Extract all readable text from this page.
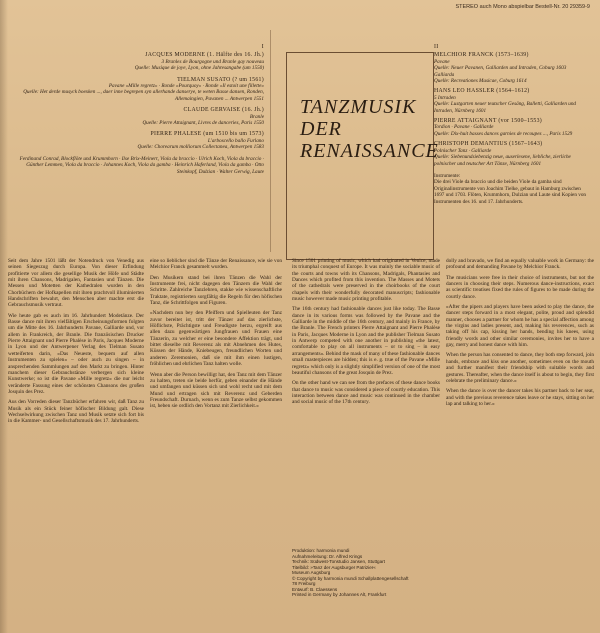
STEREO auch Mono abspielbar Bestell-Nr. 20 29359-9
I
JACQUES MODERNE (1. Hälfte des 16. Jh.)
3 Branles de Bourgogne und Branle gay nouveau
Quelle: Musique de joye, Lyon, ohne Jahresangabe (um 1550)
TIELMAN SUSATO (? um 1561)
Pavane «Mille regretz» · Ronde «Pourquoy» · Ronde «Il estoit une fillette»
Quelle: Het derde musyck boexken ..., daer inne begrepen syn allerhande danserye, te weten Basse dansen, Ronden, Allemaingien, Pavanen ... Antwerpen 1551
CLAUDE GERVAISE (16. Jh.)
Branle
Quelle: Pierre Attaignant, Livres de danceries, Paris 1550
PIERRE PHALESE (um 1510 bis um 1573)
L'arboscello ballo Furlano
Quelle: Chorearum molliorum Collectanea, Antwerpen 1583
Ferdinand Conrad, Blockflöte und Krummhorn · Ilse Brix-Meinert, Viola da braccio · Ulrich Koch, Viola da braccio · Günther Lemmen, Viola da braccio · Johannes Koch, Viola da gamba · Heinrich Haferland, Viola da gamba · Otto Steinkopf, Dulzian · Walter Gerwig, Laute
TANZMUSIK
DER
RENAISSANCE
II
MELCHIOR FRANCK (1573–1639)
Pavane
Quelle: Neuer Pavanen, Galliarden und Intraden, Coburg 1603
Galliarda
Quelle: Recreationes Musicae, Coburg 1614
HANS LEO HASSLER (1564–1612)
5 Intraden
Quelle: Lustgarten neuer teutscher Gesäng, Balletti, Galliarden und Intraden, Nürnberg 1601
PIERRE ATTAIGNANT (vor 1500–1553)
Tordion · Pavane · Galliarde
Quelle: Dix-huit basses dances garnies de recoupes ..., Paris 1529
CHRISTOPH DEMANTIUS (1567–1643)
Polnischer Tanz · Galliarde
Quelle: Siebenundsiebenzig neue, auserlesene, liebliche, zierliche polnischer und teutscher Art Tänze, Nürnberg 1601
Instrumente:
Die drei Viole da braccio und die beiden Viole da gamba sind Originalinstrumente von Joachim Tielke, gebaut in Hamburg zwischen 1697 und 1703. Flöten, Krummhorn, Dulzian und Laute sind Kopien von Instrumenten des 16. und 17. Jahrhunderts.

Seit dem Jahre 1501 läßt der Notendruck von Venedig aus seinen Siegeszug durch Europa. Von dieser Erfindung profitierte vor allem die gesellige Musik der Höfe und Städte mit ihren Chansons, Madrigalen, Fantasien und Tänzen. Die Messen und Motetten der Kathedralen wurden in den Chorbüchern der Hofkapellen mit ihren prachtvoll illuminierten Handschriften bewahrt, den Menschen aber machte erst die Gebrauchsmusik vertraut.

Wie heute gab es auch im 16. Jahrhundert Modetänze. Der Basse dance mit ihren vielfältigen Erscheinungsformen folgten um die Mitte des 16. Jahrhunderts Pavane, Galliarde und, vor allem in Frankreich, der Branle. Die französischen Drucker Pierre Attaignant und Pierre Phalèse in Paris, Jacques Moderne in Lyon und der Antwerpener Verlag des Tielman Susato wetteiferten darin, »Das Neueste, bequem auf allen Instrumenten zu spielen« – oder auch zu singen – in ansprechenden Sammlungen auf den Markt zu bringen. Hinter manchem dieser Gebrauchstänze verbergen sich kleine Kunstwerke; so ist die Pavane »Mille regretz« die nur leicht veränderte Fassung eines der schönsten Chansons des großen Josquin des Prez.

Aus den Vorreden dieser Tanzbücher erfahren wir, daß Tanz zu Musik als ein Stück feiner höfischer Bildung galt. Diese Wechselwirkung zwischen Tanz und Musik setzte sich fort bis in die Kammer- und Gesellschaftsmusik des 17. Jahrhunderts.

eine so lieblicher sind die Tänze der Renaissance, wie sie von Melchior Franck gesammelt wurden.

Den Musikern stand bei ihren Tänzen die Wahl der Instrumente frei, nicht dagegen den Tänzern die Wahl der Schritte. Zahlreiche Tanzlehren, stakke wie wissenschaftliche Traktate, registrierten sorgfältig die Regeln für den höfischen Tanz, die Schrittfolgen und Figuren.

»Nachdem nun bey den Pfeiffern und Spielleuten der Tanz zuvor bereitet ist, tritt der Tänzer auf das zierlichste, Höflichste, Prächtigste und Freudigste herzu, ergreift aus allen dazu gegenwärtigen Jungfrauen und Frauen eine Tänzerin, zu welcher er eine besondere Affektion trägt, und bittet dieselbe mit Reverenz als mit Abnehmen des Hutes, Küssen der Hände, Kniebeugen, freundlichen Worten und anderen Zeremonien, daß sie mit ihm einen lustigen, fröhlichen und ehrlichen Tanz halten wolle.

Wenn aber die Person bewilligt hat, den Tanz mit dem Tänzer zu halten, treten sie beide herfür, geben einander die Hände und umfangen und küssen sich und wohl recht und mit dem Mund und ertragen sich mit Reverenz und Geberden Freundschaft. Durnach, wenn es zum Tanze selbst gekommen ist, heben sie ordlich den Vortanz mit Zierlichkeit.«

Since 1501 printing of music, which had originated in Venice, made its triumphal conquest of Europe. It was mainly the sociable music of the courts and towns with its Chansons, Madrigals, Phantasies and Dances which profited from this invention. The Masses and Motets of the cathedrals were preserved in the choirbooks of the court chapels with their wonderfully decorated manuscripts; fashionable music however made music printing profitable.

The 16th century had fashionable dances just like today. The Basse dance in its various forms was followed by the Pavane and the Galliarde in the middle of the 16th century, and mainly in France, by the Branle. The French printers Pierre Attaignant and Pierre Phalèse in Paris, Jacques Moderne in Lyon and the publisher Tielman Susato in Antwerp competed with one another in publishing »the latest, comfortable to play on all instruments – or to sing – in easy arrangements«. Behind the mask of many of these fashionable dances small masterpieces are hidden; this is e. g. true of the Pavane »Mille regretz« which only is a slightly simplified version of one of the most beautiful chansons of the great Josquin de Prez.

On the other hand we can see from the prefaces of these dance books that dance to music was considered a piece of courtly education. This interaction between dance and music was continued in the chamber and social music of the 17th century.

dolly and bravado, we find an equally valuable work in Germany: the profound and demanding Pavane by Melchior Franck.

The musicians were free in their choice of instruments, but not the dancers in choosing their steps. Numerous dance-instructions, exact as scientific treatises fixed the rules of figures to be made during the courtly dance.

»After the pipers and players have been asked to play the dance, the dancer steps forward in a most elegant, polite, proud and splendid manner, chooses a partner for whom he has a special affection among the virgins and ladies present, and, making his reverences, such as taking off his cap, kissing her hands, bending his knees, using friendly words and other similar ceremonies, invites her to have a gay, merry and honest dance with him.

When the person has consented to dance, they both step forward, join hands, embrace and kiss one another, sometimes even on the mouth and further manifest their friendship with suitable words and gestures. Thereafter, when the dance itself is about to begin, they first celebrate the preliminary dance.«

When the dance is over the dancer takes his partner back to her seat, and with the previous reverence takes leave or he stays, sitting on her lap and talking to her.«

Produktion: harmonia mundi
Aufnahmeleitung: Dr. Alfred Krings
Technik: Südwest-Tonstudio Jansen, Stuttgart
Titelbild: »Tanz der Augsburger Patrizier«
Museum Augsburg
© Copyright by harmonia mundi Schallplattengesellschaft
78 Freiburg
Entwurf: B. Claessens
Printed in Germany by Johannes Alt, Frankfurt
